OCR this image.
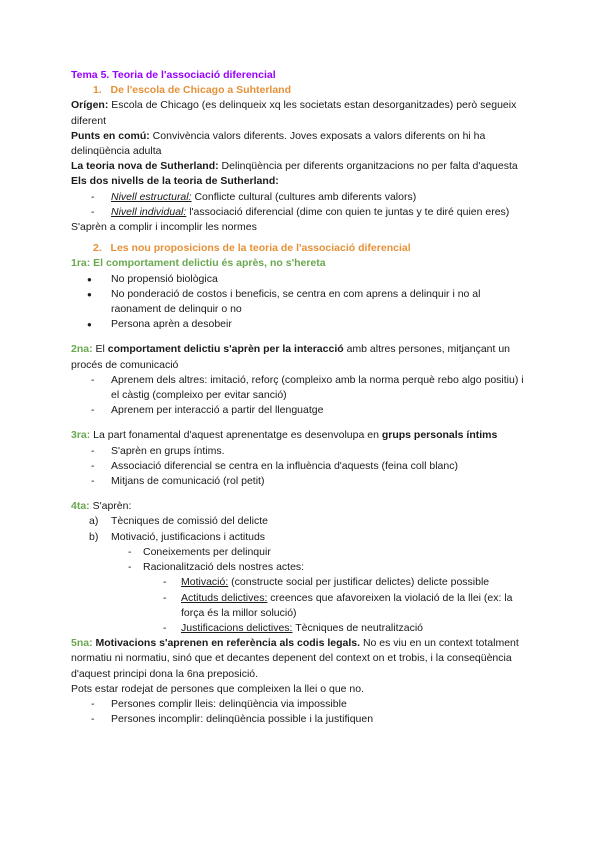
Tema 5. Teoria de l'associació diferencial
1. De l'escola de Chicago a Suhterland
Orígen: Escola de Chicago (es delinqueix xq les societats estan desorganitzades) però segueix diferent
Punts en comú: Convivència valors diferents. Joves exposats a valors diferents on hi ha delinqüència adulta
La teoria nova de Sutherland: Delinqüència per diferents organitzacions no per falta d'aquesta
Els dos nivells de la teoria de Sutherland:
- Nivell estructural: Conflicte cultural (cultures amb diferents valors)
- Nivell individual: l'associació diferencial (dime con quien te juntas y te diré quien eres)
S'aprèn a complir i incomplir les normes
2. Les nou proposicions de la teoria de l'associació diferencial
1ra: El comportament delictiu és après, no s'hereta
● No propensió biològica
● No ponderació de costos i beneficis, se centra en com aprens a delinquir i no al raonament de delinquir o no
● Persona aprèn a desobeir
2na: El comportament delictiu s'aprèn per la interacció amb altres persones, mitjançant un procés de comunicació
- Aprenem dels altres: imitació, reforç (compleixo amb la norma perquè rebo algo positiu) i el càstig (compleixo per evitar sanció)
- Aprenem per interacció a partir del llenguatge
3ra: La part fonamental d'aquest aprenentatge es desenvolupa en grups personals íntims
- S'aprèn en grups íntims.
- Associació diferencial se centra en la influència d'aquests (feina coll blanc)
- Mitjans de comunicació (rol petit)
4ta: S'aprèn:
a) Tècniques de comissió del delicte
b) Motivació, justificacions i actituds
- Coneixements per delinquir
- Racionalització dels nostres actes:
- Motivació: (constructe social per justificar delictes) delicte possible
- Actituds delictives: creences que afavoreixen la violació de la llei (ex: la força és la millor solució)
- Justificacions delictives: Tècniques de neutralització
5na: Motivacions s'aprenen en referència als codis legals. No es viu en un context totalment normatiu ni normatiu, sinó que et decantes depenent del context on et trobis, i la conseqüència d'aquest principi dona la 6na preposició.
Pots estar rodejat de persones que compleixen la llei o que no.
- Persones complir lleis: delinqüència via impossible
- Persones incomplir: delinqüència possible i la justifiquen
